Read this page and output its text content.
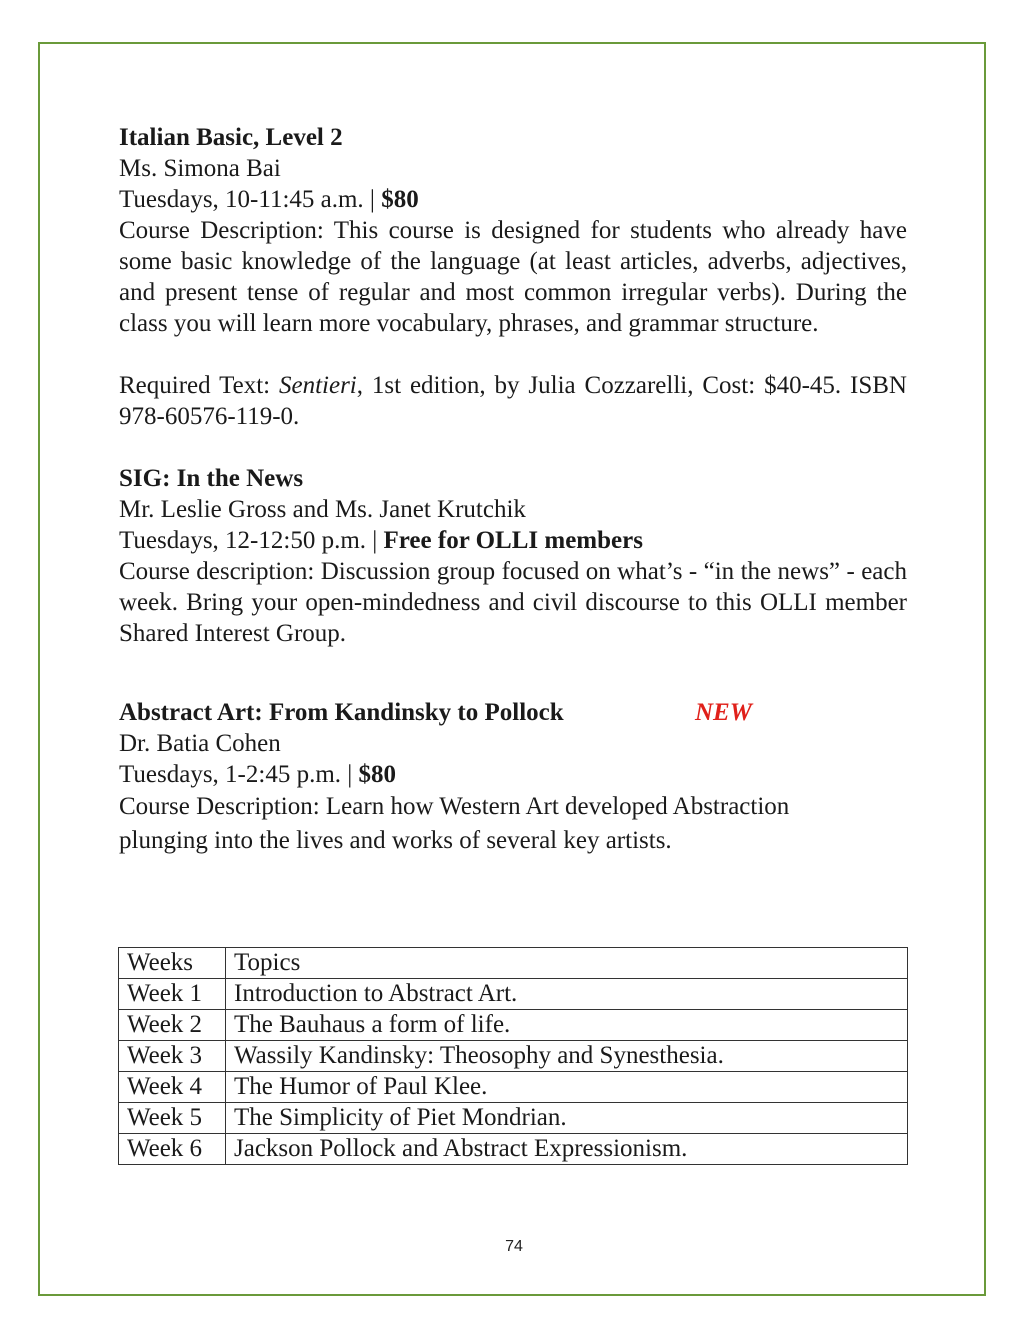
Italian Basic, Level 2
Ms. Simona Bai
Tuesdays, 10-11:45 a.m. | $80

Course Description: This course is designed for students who already have some basic knowledge of the language (at least articles, adverbs, adjectives, and present tense of regular and most common irregular verbs). During the class you will learn more vocabulary, phrases, and grammar structure.

Required Text: Sentieri, 1st edition, by Julia Cozzarelli, Cost: $40-45. ISBN 978-60576-119-0.

SIG: In the News
Mr. Leslie Gross and Ms. Janet Krutchik
Tuesdays, 12-12:50 p.m. | Free for OLLI members

Course description: Discussion group focused on what’s - “in the news” - each week. Bring your open-mindedness and civil discourse to this OLLI member Shared Interest Group.

Abstract Art: From Kandinsky to Pollock	NEW
Dr. Batia Cohen
Tuesdays, 1-2:45 p.m. | $80
Course Description: Learn how Western Art developed Abstraction
plunging into the lives and works of several key artists.
Weeks	Topics
Week 1	Introduction to Abstract Art.
Week 2	The Bauhaus a form of life.
Week 3	Wassily Kandinsky: Theosophy and Synesthesia.
Week 4	The Humor of Paul Klee.
Week 5	The Simplicity of Piet Mondrian.
Week 6	Jackson Pollock and Abstract Expressionism.
74
